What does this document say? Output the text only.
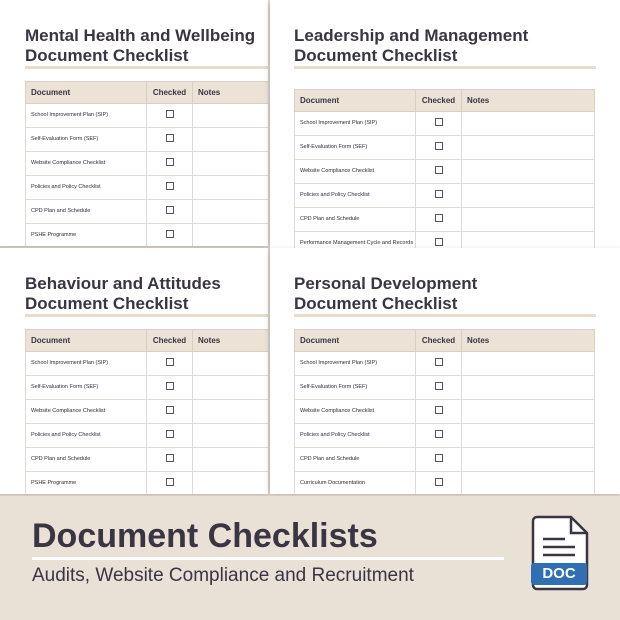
Mental Health and Wellbeing
Document Checklist
Document	Checked	Notes
School Improvement Plan (SIP)		
Self-Evaluation Form (SEF)		
Website Compliance Checklist		
Policies and Policy Checklist		
CPD Plan and Schedule		
PSHE Programme		
Leadership and Management
Document Checklist
Document	Checked	Notes
School Improvement Plan (SIP)		
Self-Evaluation Form (SEF)		
Website Compliance Checklist		
Policies and Policy Checklist		
CPD Plan and Schedule		
Performance Management Cycle and Records		
Behaviour and Attitudes
Document Checklist
Document	Checked	Notes
School Improvement Plan (SIP)		
Self-Evaluation Form (SEF)		
Website Compliance Checklist		
Policies and Policy Checklist		
CPD Plan and Schedule		
PSHE Programme		
Personal Development
Document Checklist
Document	Checked	Notes
School Improvement Plan (SIP)		
Self-Evaluation Form (SEF)		
Website Compliance Checklist		
Policies and Policy Checklist		
CPD Plan and Schedule		
Curriculum Documentation		
Document Checklists
Audits, Website Compliance and Recruitment	DOC
